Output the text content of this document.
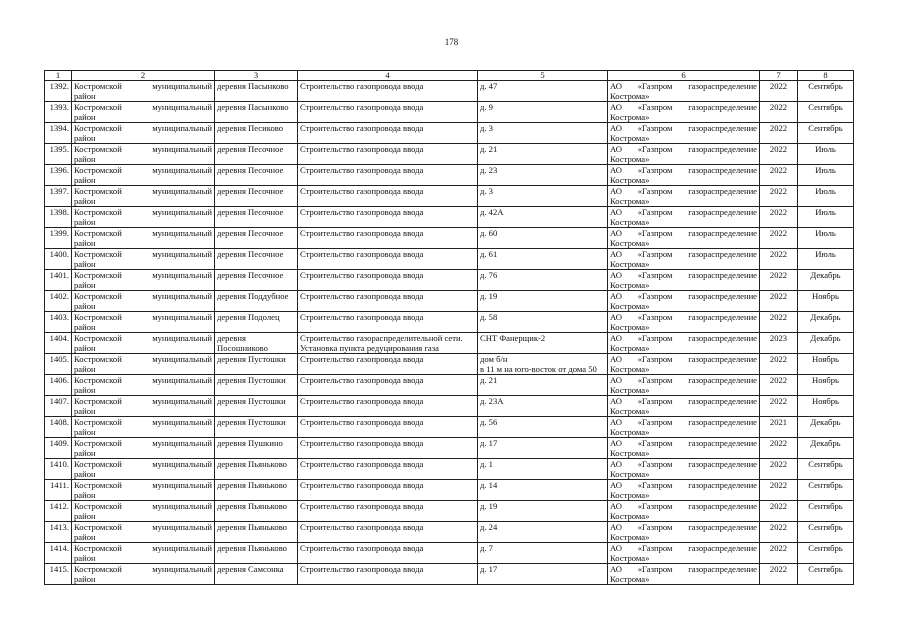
178
1	2	3	4	5	6	7	8
1392.	Костромской муниципальный
район	деревня Пасынково	Строительство газопровода ввода	д. 47	АО «Газпром газораспределение
Кострома»	2022	Сентябрь
1393.	Костромской муниципальный
район	деревня Пасынково	Строительство газопровода ввода	д. 9	АО «Газпром газораспределение
Кострома»	2022	Сентябрь
1394.	Костромской муниципальный
район	деревня Песиково	Строительство газопровода ввода	д. 3	АО «Газпром газораспределение
Кострома»	2022	Сентябрь
1395.	Костромской муниципальный
район	деревня Песочное	Строительство газопровода ввода	д. 21	АО «Газпром газораспределение
Кострома»	2022	Июль
1396.	Костромской муниципальный
район	деревня Песочное	Строительство газопровода ввода	д. 23	АО «Газпром газораспределение
Кострома»	2022	Июль
1397.	Костромской муниципальный
район	деревня Песочное	Строительство газопровода ввода	д. 3	АО «Газпром газораспределение
Кострома»	2022	Июль
1398.	Костромской муниципальный
район	деревня Песочное	Строительство газопровода ввода	д. 42А	АО «Газпром газораспределение
Кострома»	2022	Июль
1399.	Костромской муниципальный
район	деревня Песочное	Строительство газопровода ввода	д. 60	АО «Газпром газораспределение
Кострома»	2022	Июль
1400.	Костромской муниципальный
район	деревня Песочное	Строительство газопровода ввода	д. 61	АО «Газпром газораспределение
Кострома»	2022	Июль
1401.	Костромской муниципальный
район	деревня Песочное	Строительство газопровода ввода	д. 76	АО «Газпром газораспределение
Кострома»	2022	Декабрь
1402.	Костромской муниципальный
район	деревня Поддубное	Строительство газопровода ввода	д. 19	АО «Газпром газораспределение
Кострома»	2022	Ноябрь
1403.	Костромской муниципальный
район	деревня Подолец	Строительство газопровода ввода	д. 58	АО «Газпром газораспределение
Кострома»	2022	Декабрь
1404.	Костромской муниципальный
район	деревня
Посошниково	Строительство газораспределительной сети.
Установка пункта редуцирования газа	СНТ Фанерщик-2	АО «Газпром газораспределение
Кострома»	2023	Декабрь
1405.	Костромской муниципальный
район	деревня Пустошки	Строительство газопровода ввода	дом б/н
в 11 м на юго-восток от дома 50	АО «Газпром газораспределение
Кострома»	2022	Ноябрь
1406.	Костромской муниципальный
район	деревня Пустошки	Строительство газопровода ввода	д. 21	АО «Газпром газораспределение
Кострома»	2022	Ноябрь
1407.	Костромской муниципальный
район	деревня Пустошки	Строительство газопровода ввода	д. 23А	АО «Газпром газораспределение
Кострома»	2022	Ноябрь
1408.	Костромской муниципальный
район	деревня Пустошки	Строительство газопровода ввода	д. 56	АО «Газпром газораспределение
Кострома»	2021	Декабрь
1409.	Костромской муниципальный
район	деревня Пушкино	Строительство газопровода ввода	д. 17	АО «Газпром газораспределение
Кострома»	2022	Декабрь
1410.	Костромской муниципальный
район	деревня Пьяньково	Строительство газопровода ввода	д. 1	АО «Газпром газораспределение
Кострома»	2022	Сентябрь
1411.	Костромской муниципальный
район	деревня Пьяньково	Строительство газопровода ввода	д. 14	АО «Газпром газораспределение
Кострома»	2022	Сентябрь
1412.	Костромской муниципальный
район	деревня Пьяньково	Строительство газопровода ввода	д. 19	АО «Газпром газораспределение
Кострома»	2022	Сентябрь
1413.	Костромской муниципальный
район	деревня Пьяньково	Строительство газопровода ввода	д. 24	АО «Газпром газораспределение
Кострома»	2022	Сентябрь
1414.	Костромской муниципальный
район	деревня Пьяньково	Строительство газопровода ввода	д. 7	АО «Газпром газораспределение
Кострома»	2022	Сентябрь
1415.	Костромской муниципальный
район	деревня Самсонка	Строительство газопровода ввода	д. 17	АО «Газпром газораспределение
Кострома»	2022	Сентябрь
